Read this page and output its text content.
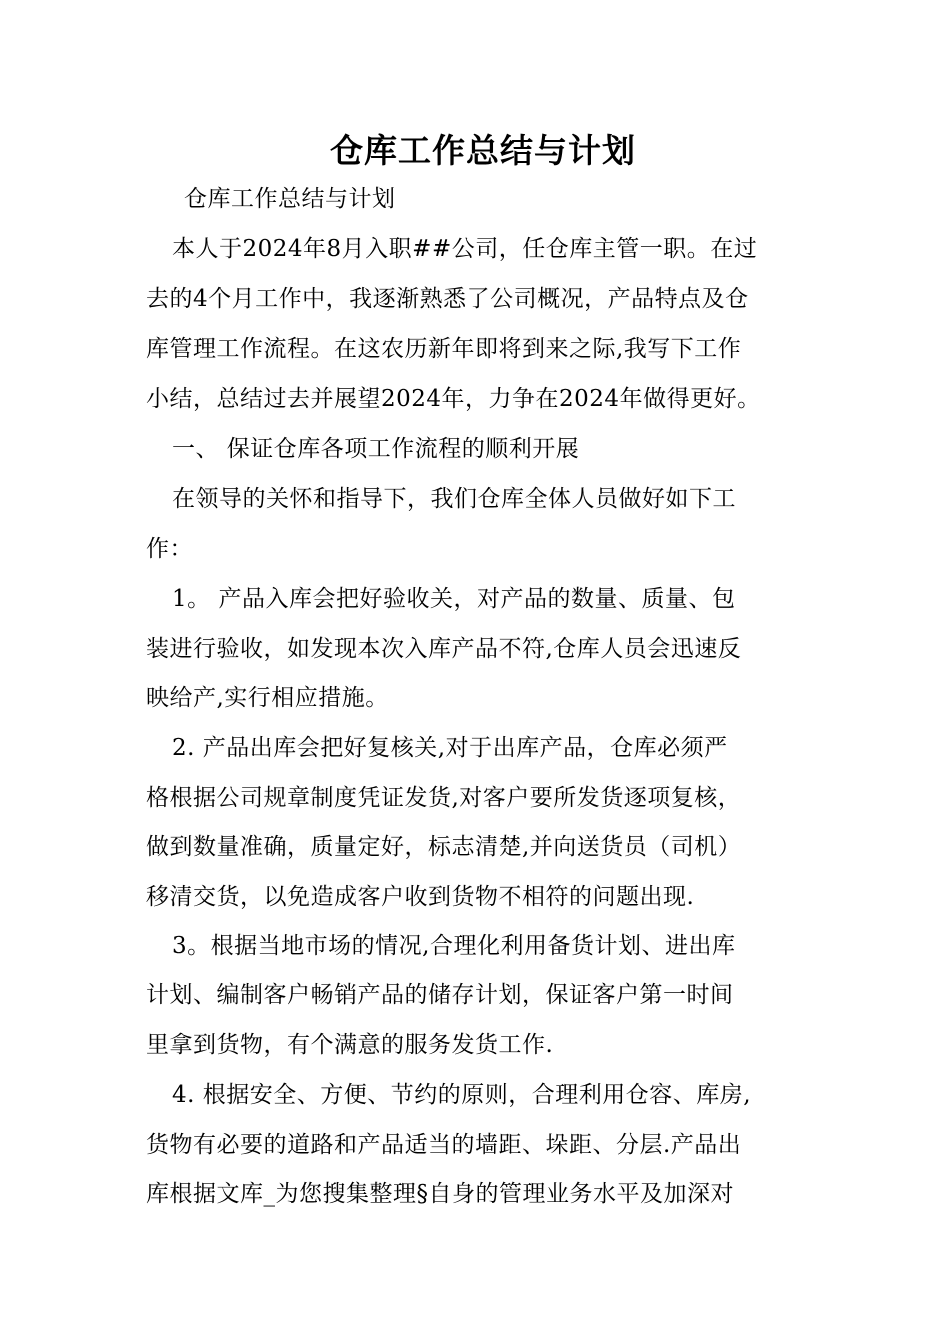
仓库工作总结与计划
仓库工作总结与计划
本人于2024年8月入职##公司，任仓库主管一职。在过
去的4个月工作中，我逐渐熟悉了公司概况，产品特点及仓
库管理工作流程。在这农历新年即将到来之际,我写下工作
小结，总结过去并展望2024年，力争在2024年做得更好。
一、 保证仓库各项工作流程的顺利开展
在领导的关怀和指导下，我们仓库全体人员做好如下工
作：
1。 产品入库会把好验收关，对产品的数量、质量、包
装进行验收，如发现本次入库产品不符,仓库人员会迅速反
映给产,实行相应措施。
2. 产品出库会把好复核关,对于出库产品，仓库必须严
格根据公司规章制度凭证发货,对客户要所发货逐项复核，
做到数量准确，质量定好，标志清楚,并向送货员（司机）
移清交货，以免造成客户收到货物不相符的问题出现.
3。根据当地市场的情况,合理化利用备货计划、进出库
计划、编制客户畅销产品的储存计划，保证客户第一时间
里拿到货物，有个满意的服务发货工作.
4. 根据安全、方便、节约的原则，合理利用仓容、库房,
货物有必要的道路和产品适当的墙距、垛距、分层.产品出
库根据文库_为您搜集整理§自身的管理业务水平及加深对
